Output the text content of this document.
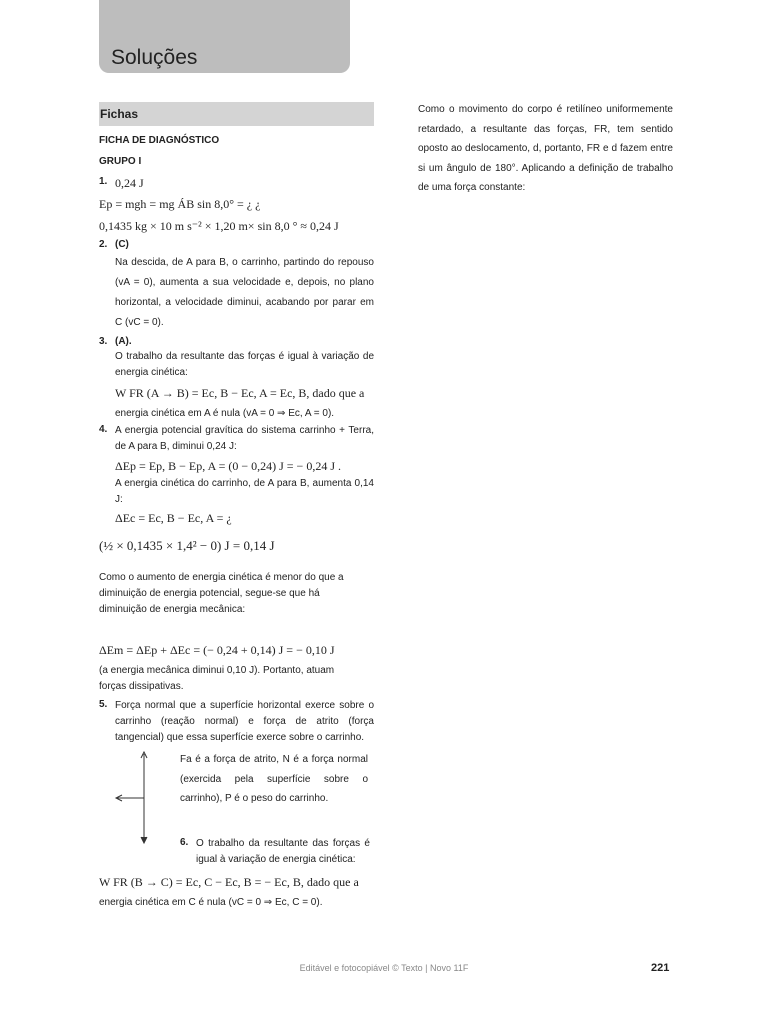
Soluções
Fichas
FICHA DE DIAGNÓSTICO
GRUPO I
1. 0,24 J
Ep = mgh = mg ÁB sin 8,0° = ¿ ¿
0,1435 kg × 10 m s⁻² × 1,20 m× sin 8,0 ° ≈ 0,24 J
2. (C)
Na descida, de A para B, o carrinho, partindo do repouso (vA = 0), aumenta a sua velocidade e, depois, no plano horizontal, a velocidade diminui, acabando por parar em C (vC = 0).
3. (A).
O trabalho da resultante das forças é igual à variação de energia cinética:
W FR (A → B) = Ec, B − Ec, A = Ec, B, dado que a
energia cinética em A é nula (vA = 0 ⇒ Ec, A = 0).
4. A energia potencial gravítica do sistema carrinho + Terra, de A para B, diminui 0,24 J:
ΔEp = Ep, B − Ep, A = (0 − 0,24) J = − 0,24 J .
A energia cinética do carrinho, de A para B, aumenta 0,14 J:
ΔEc = Ec, B − Ec, A = ¿
(½ × 0,1435 × 1,4² − 0) J = 0,14 J
Como o aumento de energia cinética é menor do que a diminuição de energia potencial, segue-se que há diminuição de energia mecânica:
ΔEm = ΔEp + ΔEc = (− 0,24 + 0,14) J = − 0,10 J
(a energia mecânica diminui 0,10 J). Portanto, atuam forças dissipativas.
5. Força normal que a superfície horizontal exerce sobre o carrinho (reação normal) e força de atrito (força tangencial) que essa superfície exerce sobre o carrinho.
Fa é a força de atrito, N é a força normal (exercida pela superfície sobre o carrinho), P é o peso do carrinho.
6. O trabalho da resultante das forças é igual à variação de energia cinética:
W FR (B → C) = Ec, C − Ec, B = − Ec, B, dado que a
energia cinética em C é nula (vC = 0 ⇒ Ec, C = 0).
Como o movimento do corpo é retilíneo uniformemente retardado, a resultante das forças, FR, tem sentido oposto ao deslocamento, d, portanto, FR e d fazem entre si um ângulo de 180°. Aplicando a definição de trabalho de uma força constante:
Editável e fotocopiável © Texto | Novo 11F	221
